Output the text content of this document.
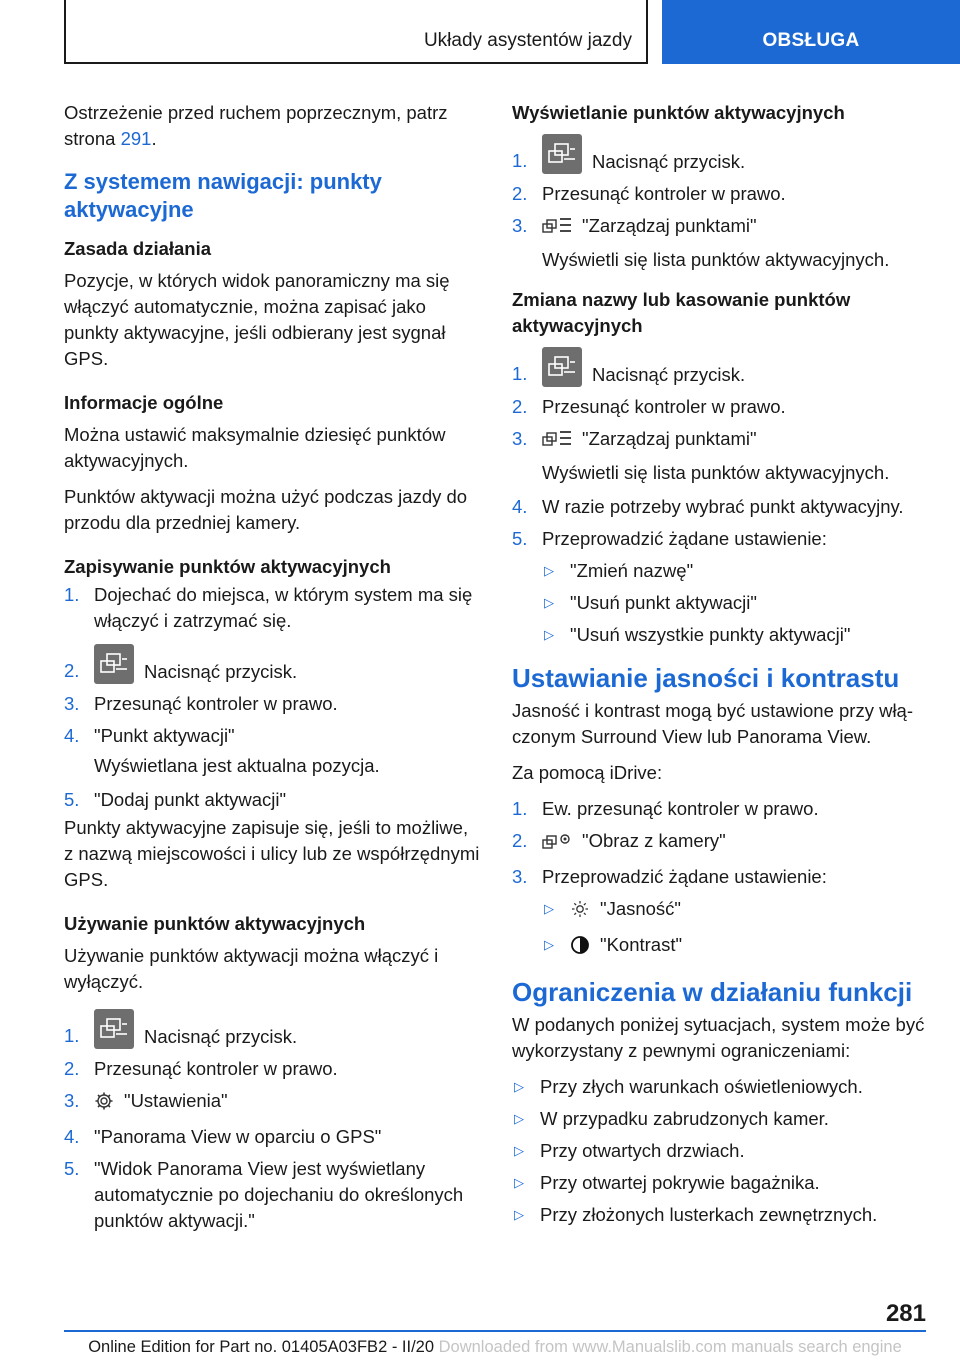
Układy asystentów jazdy	OBSŁUGA

Ostrzeżenie przed ruchem poprzecznym, patrz strona 291.

Z systemem nawigacji: punkty aktywacyjne
Zasada działania

Pozycje, w których widok panoramiczny ma się włączyć automatycznie, można zapisać jako punkty aktywacyjne, jeśli odbierany jest sygnał GPS.

Informacje ogólne

Można ustawić maksymalnie dziesięć punktów aktywacyjnych.

Punktów aktywacji można użyć podczas jazdy do przodu dla przedniej kamery.

Zapisywanie punktów aktywacyjnych
1. Dojechać do miejsca, w którym system ma się włączyć i zatrzymać się.
2.	Nacisnąć przycisk.
3. Przesunąć kontroler w prawo.
4. "Punkt aktywacji"

Wyświetlana jest aktualna pozycja.

5. "Dodaj punkt aktywacji"

Punkty aktywacyjne zapisuje się, jeśli to możliwe, z nazwą miejscowości i ulicy lub ze współrzędnymi GPS.

Używanie punktów aktywacyjnych

Używanie punktów aktywacji można włączyć i wyłączyć.

1.	Nacisnąć przycisk.
2. Przesunąć kontroler w prawo.
3. "Ustawienia"
4. "Panorama View w oparciu o GPS"
5. "Widok Panorama View jest wyświetlany automatycznie po dojechaniu do określonych punktów aktywacji."
Wyświetlanie punktów aktywacyjnych
1.	Nacisnąć przycisk.
2. Przesunąć kontroler w prawo.
3.	"Zarządzaj punktami"

Wyświetli się lista punktów aktywacyjnych.

Zmiana nazwy lub kasowanie punktów aktywacyjnych
1.	Nacisnąć przycisk.
2. Przesunąć kontroler w prawo.
3.	"Zarządzaj punktami"

Wyświetli się lista punktów aktywacyjnych.

4. W razie potrzeby wybrać punkt aktywacyjny.
5. Przeprowadzić żądane ustawienie:
▷ "Zmień nazwę"
▷ "Usuń punkt aktywacji"
▷ "Usuń wszystkie punkty aktywacji"
Ustawianie jasności i kontrastu

Jasność i kontrast mogą być ustawione przy włączonym Surround View lub Panorama View.

Za pomocą iDrive:

1. Ew. przesunąć kontroler w prawo.
2.	"Obraz z kamery"
3. Przeprowadzić żądane ustawienie:
▷ "Jasność"
▷ "Kontrast"
Ograniczenia w działaniu funkcji

W podanych poniżej sytuacjach, system może być wykorzystany z pewnymi ograniczeniami:

▷ Przy złych warunkach oświetleniowych.
▷ W przypadku zabrudzonych kamer.
▷ Przy otwartych drzwiach.
▷ Przy otwartej pokrywie bagażnika.
▷ Przy złożonych lusterkach zewnętrznych.
281
Online Edition for Part no. 01405A03FB2 - II/20 Downloaded from www.Manualslib.com manuals search engine
